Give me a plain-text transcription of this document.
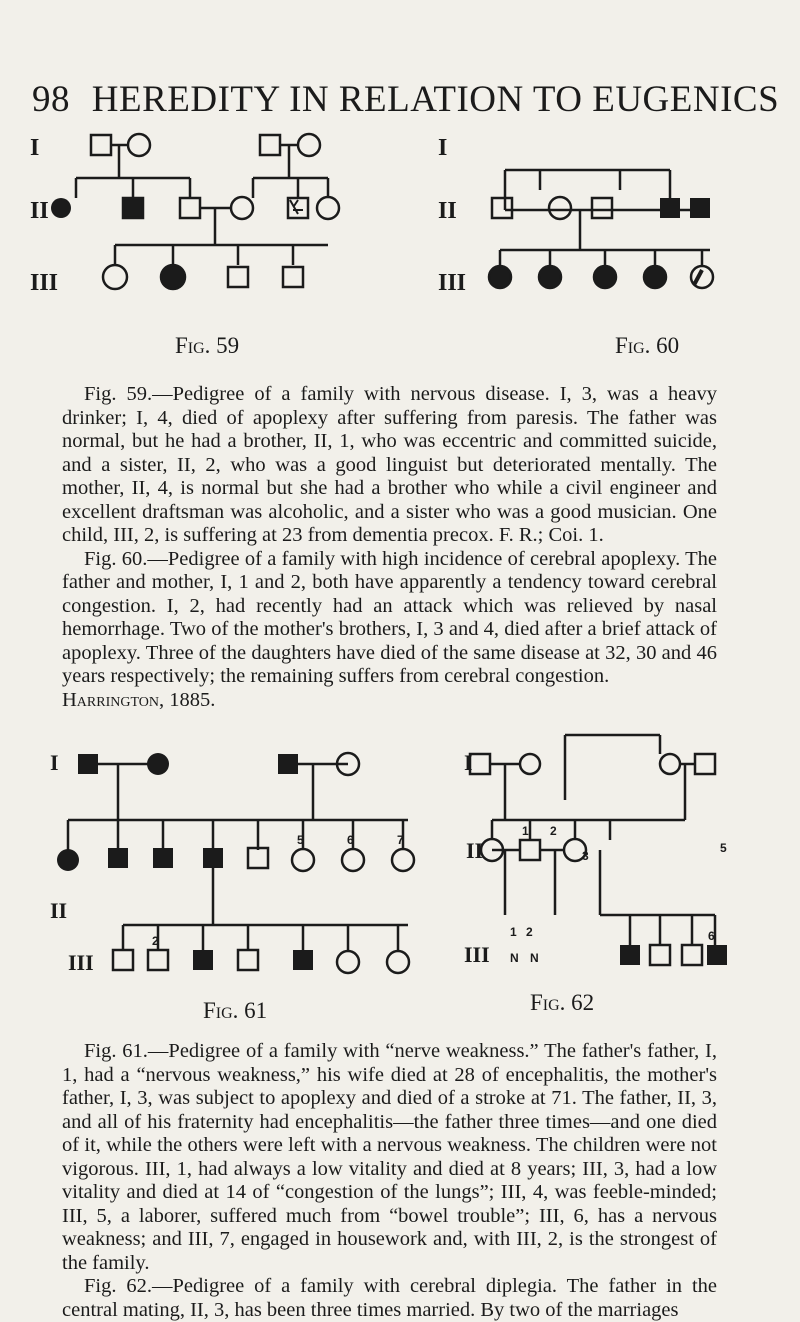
98 HEREDITY IN RELATION TO EUGENICS
I
II
III
Fig. 59
I
II
III
Fig. 60

Fig. 59.—Pedigree of a family with nervous disease. I, 3, was a heavy drinker; I, 4, died of apoplexy after suffering from paresis. The father was normal, but he had a brother, II, 1, who was eccentric and committed suicide, and a sister, II, 2, who was a good linguist but deteriorated mentally. The mother, II, 4, is normal but she had a brother who while a civil engineer and excellent draftsman was alcoholic, and a sister who was a good musician. One child, III, 2, is suffering at 23 from dementia precox. F. R.; Coi. 1.

Fig. 60.—Pedigree of a family with high incidence of cerebral apoplexy. The father and mother, I, 1 and 2, both have apparently a tendency toward cerebral congestion. I, 2, had recently had an attack which was relieved by nasal hemorrhage. Two of the mother's brothers, I, 3 and 4, died after a brief attack of apoplexy. Three of the daughters have died of the same disease at 32, 30 and 46 years respectively; the remaining suffers from cerebral congestion.

Harrington, 1885.
5	6	7
2
I
II
III
Fig. 61
1 2
3
5
6
1 2
N N
I
II
III
Fig. 62

Fig. 61.—Pedigree of a family with “nerve weakness.” The father's father, I, 1, had a “nervous weakness,” his wife died at 28 of encephalitis, the mother's father, I, 3, was subject to apoplexy and died of a stroke at 71. The father, II, 3, and all of his fraternity had encephalitis—the father three times—and one died of it, while the others were left with a nervous weakness. The children were not vigorous. III, 1, had always a low vitality and died at 8 years; III, 3, had a low vitality and died at 14 of “congestion of the lungs”; III, 4, was feeble-minded; III, 5, a laborer, suffered much from “bowel trouble”; III, 6, has a nervous weakness; and III, 7, engaged in housework and, with III, 2, is the strongest of the family.

Fig. 62.—Pedigree of a family with cerebral diplegia. The father in the central mating, II, 3, has been three times married. By two of the marriages
